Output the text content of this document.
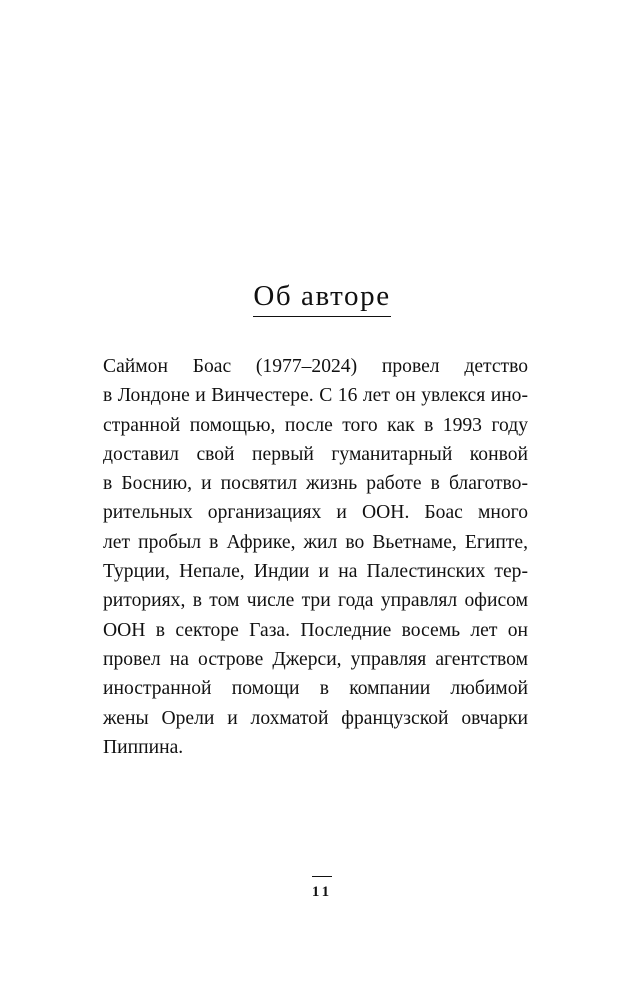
Об авторе
Саймон Боас (1977–2024) провел детство
в Лондоне и Винчестере. С 16 лет он увлекся ино-
странной помощью, после того как в 1993 году
доставил свой первый гуманитарный конвой
в Боснию, и посвятил жизнь работе в благотво-
рительных организациях и ООН. Боас много
лет пробыл в Африке, жил во Вьетнаме, Египте,
Турции, Непале, Индии и на Палестинских тер-
риториях, в том числе три года управлял офисом
ООН в секторе Газа. Последние восемь лет он
провел на острове Джерси, управляя агентством
иностранной помощи в компании любимой
жены Орели и лохматой французской овчарки
Пиппина.
11
